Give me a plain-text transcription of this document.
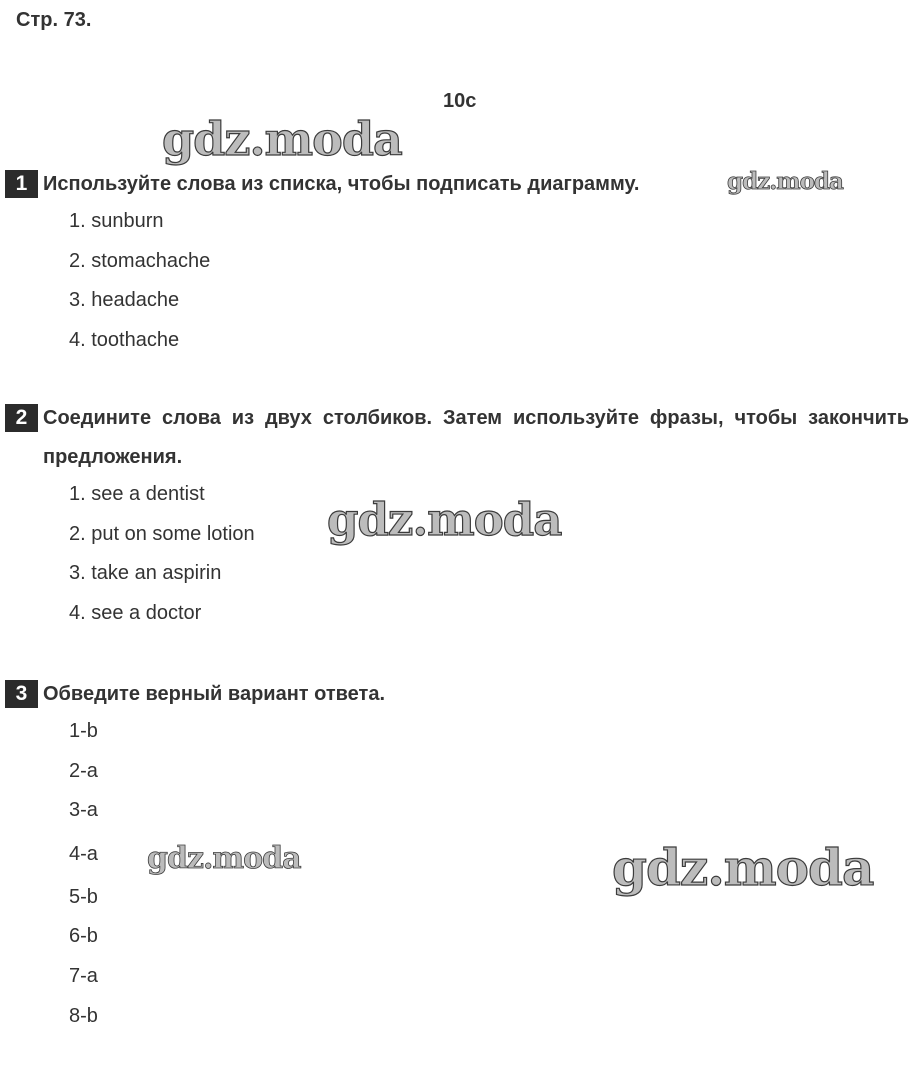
Стр. 73.
10c
gdz.moda
gdz.moda
gdz.moda
gdz.moda	gdz.moda
1 Используйте слова из списка, чтобы подписать диаграмму.
1. sunburn
2. stomachache
3. headache
4. toothache
2 Соедините слова из двух столбиков. Затем используйте фразы, чтобы закончить предложения.
1. see a dentist
2. put on some lotion
3. take an aspirin
4. see a doctor
3 Обведите верный вариант ответа.
1-b
2-a
3-a
4-a
5-b
6-b
7-a
8-b
